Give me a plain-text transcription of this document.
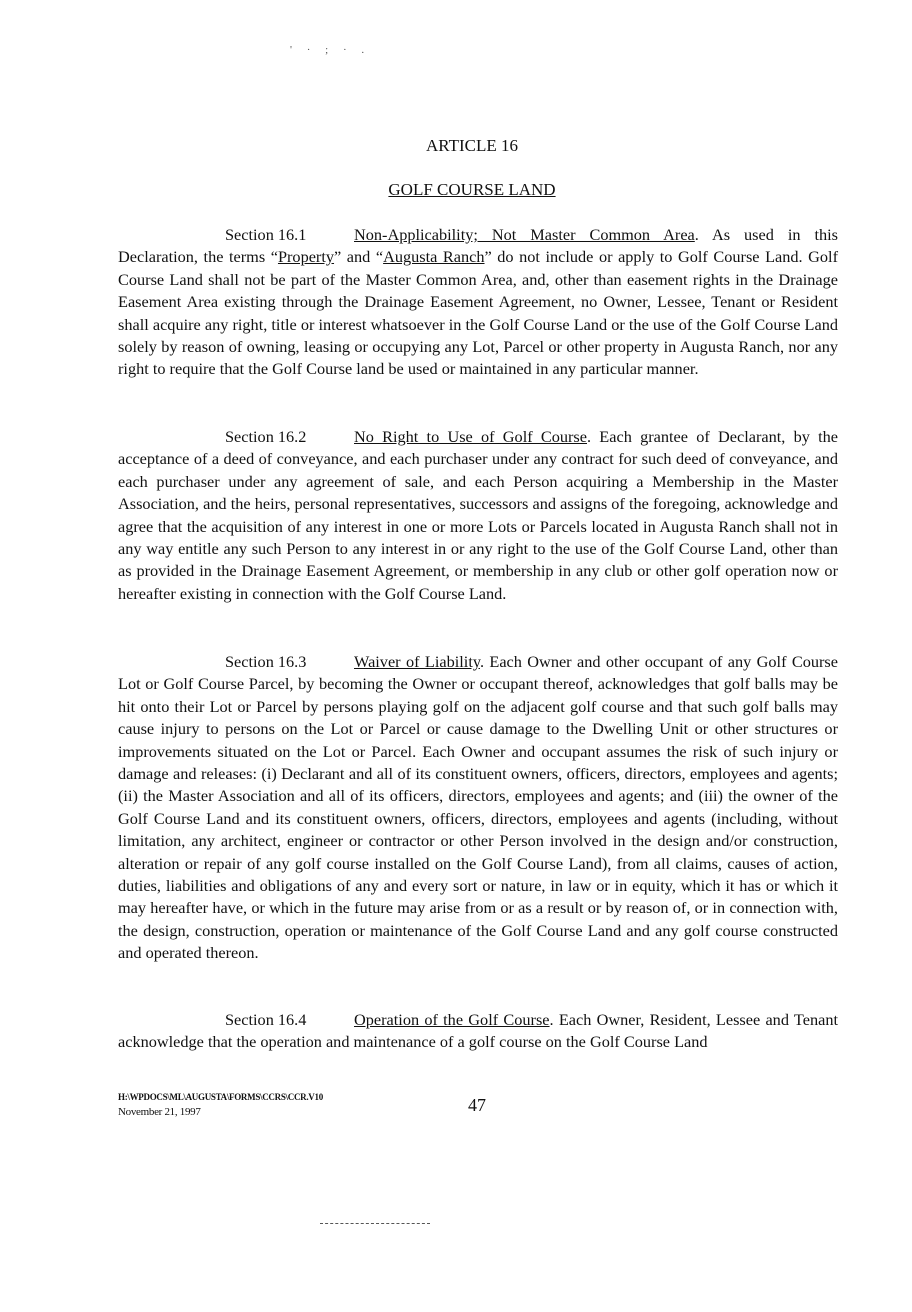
' · ; · .
ARTICLE 16
GOLF COURSE LAND
Section 16.1	Non-Applicability; Not Master Common Area. As used in this Declaration, the terms “Property” and “Augusta Ranch” do not include or apply to Golf Course Land. Golf Course Land shall not be part of the Master Common Area, and, other than easement rights in the Drainage Easement Area existing through the Drainage Easement Agreement, no Owner, Lessee, Tenant or Resident shall acquire any right, title or interest whatsoever in the Golf Course Land or the use of the Golf Course Land solely by reason of owning, leasing or occupying any Lot, Parcel or other property in Augusta Ranch, nor any right to require that the Golf Course land be used or maintained in any particular manner.
Section 16.2	No Right to Use of Golf Course. Each grantee of Declarant, by the acceptance of a deed of conveyance, and each purchaser under any contract for such deed of conveyance, and each purchaser under any agreement of sale, and each Person acquiring a Membership in the Master Association, and the heirs, personal representatives, successors and assigns of the foregoing, acknowledge and agree that the acquisition of any interest in one or more Lots or Parcels located in Augusta Ranch shall not in any way entitle any such Person to any interest in or any right to the use of the Golf Course Land, other than as provided in the Drainage Easement Agreement, or membership in any club or other golf operation now or hereafter existing in connection with the Golf Course Land.
Section 16.3	Waiver of Liability. Each Owner and other occupant of any Golf Course Lot or Golf Course Parcel, by becoming the Owner or occupant thereof, acknowledges that golf balls may be hit onto their Lot or Parcel by persons playing golf on the adjacent golf course and that such golf balls may cause injury to persons on the Lot or Parcel or cause damage to the Dwelling Unit or other structures or improvements situated on the Lot or Parcel. Each Owner and occupant assumes the risk of such injury or damage and releases: (i) Declarant and all of its constituent owners, officers, directors, employees and agents; (ii) the Master Association and all of its officers, directors, employees and agents; and (iii) the owner of the Golf Course Land and its constituent owners, officers, directors, employees and agents (including, without limitation, any architect, engineer or contractor or other Person involved in the design and/or construction, alteration or repair of any golf course installed on the Golf Course Land), from all claims, causes of action, duties, liabilities and obligations of any and every sort or nature, in law or in equity, which it has or which it may hereafter have, or which in the future may arise from or as a result or by reason of, or in connection with, the design, construction, operation or maintenance of the Golf Course Land and any golf course constructed and operated thereon.
Section 16.4	Operation of the Golf Course. Each Owner, Resident, Lessee and Tenant acknowledge that the operation and maintenance of a golf course on the Golf Course Land
H:\WPDOCS\ML\AUGUSTA\FORMS\CCRS\CCR.V10
November 21, 1997	47
